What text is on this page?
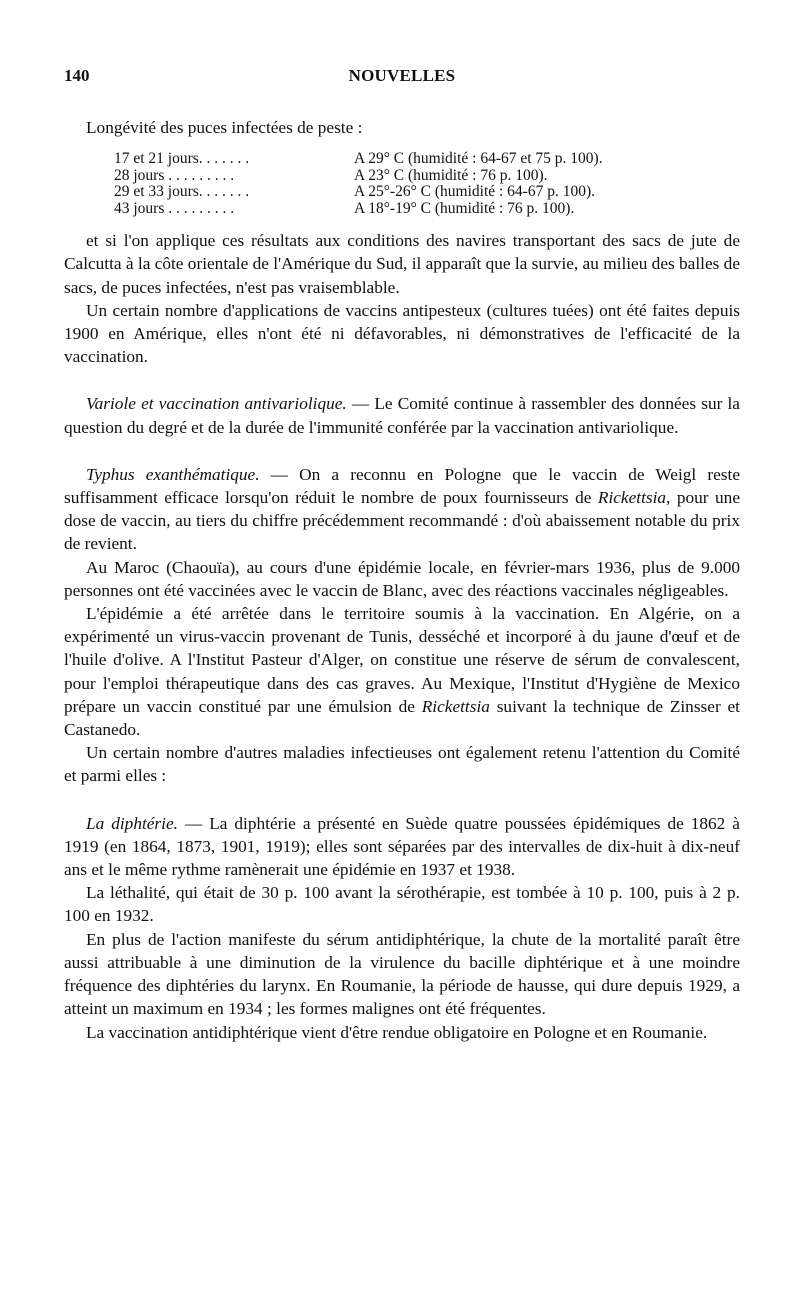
140	NOUVELLES

Longévité des puces infectées de peste :

17 et 21 jours. . . . . . .	A 29° C (humidité : 64-67 et 75 p. 100).
28 jours . . . . . . . . .	A 23° C (humidité : 76 p. 100).
29 et 33 jours. . . . . . .	A 25°-26° C (humidité : 64-67 p. 100).
43 jours . . . . . . . . .	A 18°-19° C (humidité : 76 p. 100).

et si l'on applique ces résultats aux conditions des navires transportant des sacs de jute de Calcutta à la côte orientale de l'Amérique du Sud, il apparaît que la survie, au milieu des balles de sacs, de puces infectées, n'est pas vraisemblable.

Un certain nombre d'applications de vaccins antipesteux (cultures tuées) ont été faites depuis 1900 en Amérique, elles n'ont été ni défavorables, ni démonstratives de l'efficacité de la vaccination.

Variole et vaccination antivariolique. — Le Comité continue à rassembler des données sur la question du degré et de la durée de l'immunité conférée par la vaccination antivariolique.

Typhus exanthématique. — On a reconnu en Pologne que le vaccin de Weigl reste suffisamment efficace lorsqu'on réduit le nombre de poux fournisseurs de Rickettsia, pour une dose de vaccin, au tiers du chiffre précédemment recommandé : d'où abaissement notable du prix de revient.

Au Maroc (Chaouïa), au cours d'une épidémie locale, en février-mars 1936, plus de 9.000 personnes ont été vaccinées avec le vaccin de Blanc, avec des réactions vaccinales négligeables.

L'épidémie a été arrêtée dans le territoire soumis à la vaccination. En Algérie, on a expérimenté un virus-vaccin provenant de Tunis, desséché et incorporé à du jaune d'œuf et de l'huile d'olive. A l'Institut Pasteur d'Alger, on constitue une réserve de sérum de convalescent, pour l'emploi thérapeutique dans des cas graves. Au Mexique, l'Institut d'Hygiène de Mexico prépare un vaccin constitué par une émulsion de Rickettsia suivant la technique de Zinsser et Castanedo.

Un certain nombre d'autres maladies infectieuses ont également retenu l'attention du Comité et parmi elles :

La diphtérie. — La diphtérie a présenté en Suède quatre poussées épidémiques de 1862 à 1919 (en 1864, 1873, 1901, 1919); elles sont séparées par des intervalles de dix-huit à dix-neuf ans et le même rythme ramènerait une épidémie en 1937 et 1938.

La léthalité, qui était de 30 p. 100 avant la sérothérapie, est tombée à 10 p. 100, puis à 2 p. 100 en 1932.

En plus de l'action manifeste du sérum antidiphtérique, la chute de la mortalité paraît être aussi attribuable à une diminution de la virulence du bacille diphtérique et à une moindre fréquence des diphtéries du larynx. En Roumanie, la période de hausse, qui dure depuis 1929, a atteint un maximum en 1934 ; les formes malignes ont été fréquentes.

La vaccination antidiphtérique vient d'être rendue obligatoire en Pologne et en Roumanie.
